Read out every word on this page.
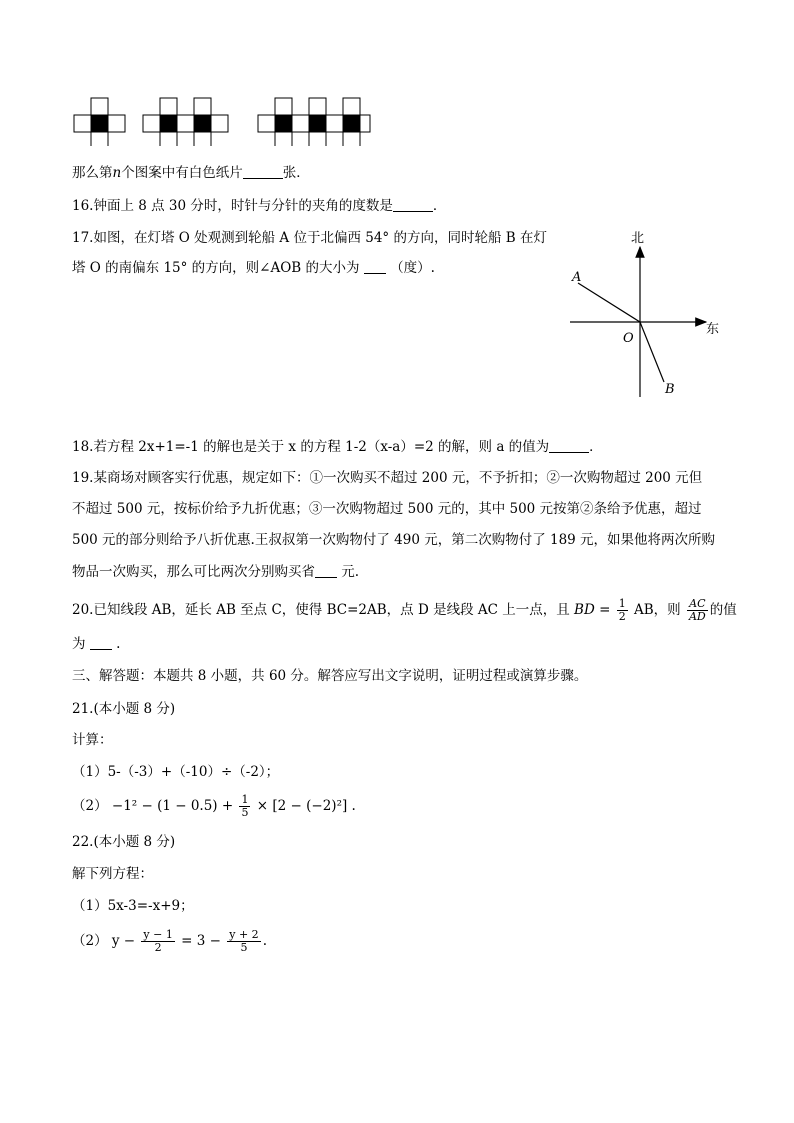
那么第n个图案中有白色纸片	张．
16.钟面上 8 点 30 分时，时针与分针的夹角的度数是	．
17.如图，在灯塔 O 处观测到轮船 A 位于北偏西 54° 的方向，同时轮船 B 在灯
塔 O 的南偏东 15° 的方向，则∠AOB 的大小为 （度）.
北
东
A
B
O
18.若方程 2x+1=-1 的解也是关于 x 的方程 1-2（x-a）=2 的解，则 a 的值为	．
19.某商场对顾客实行优惠，规定如下：①一次购买不超过 200 元，不予折扣；②一次购物超过 200 元但
不超过 500 元，按标价给予九折优惠；③一次购物超过 500 元的，其中 500 元按第②条给予优惠，超过
500 元的部分则给予八折优惠.王叔叔第一次购物付了 490 元，第二次购物付了 189 元，如果他将两次所购
物品一次购买，那么可比两次分别购买省 元.
20.已知线段 AB，延长 AB 至点 C，使得 BC=2AB，点 D 是线段 AC 上一点，且 BD = $\frac{1}{2}$ AB，则 $\frac{AC}{AD}$ 的值
为 .
三、解答题：本题共 8 小题，共 60 分。解答应写出文字说明，证明过程或演算步骤。
21.(本小题 8 分)
计算：
（1）5-（-3）+（-10）÷（-2）；
$(2) -1^2 - (1 - 0.5) + \frac{1}{5} \times [2 - (-2)^2]$ .
22.(本小题 8 分)
解下列方程：
（1）5x-3=-x+9；
（2） $y - \frac{y - 1}{2} = 3 - \frac{y + 2}{5}$ .
